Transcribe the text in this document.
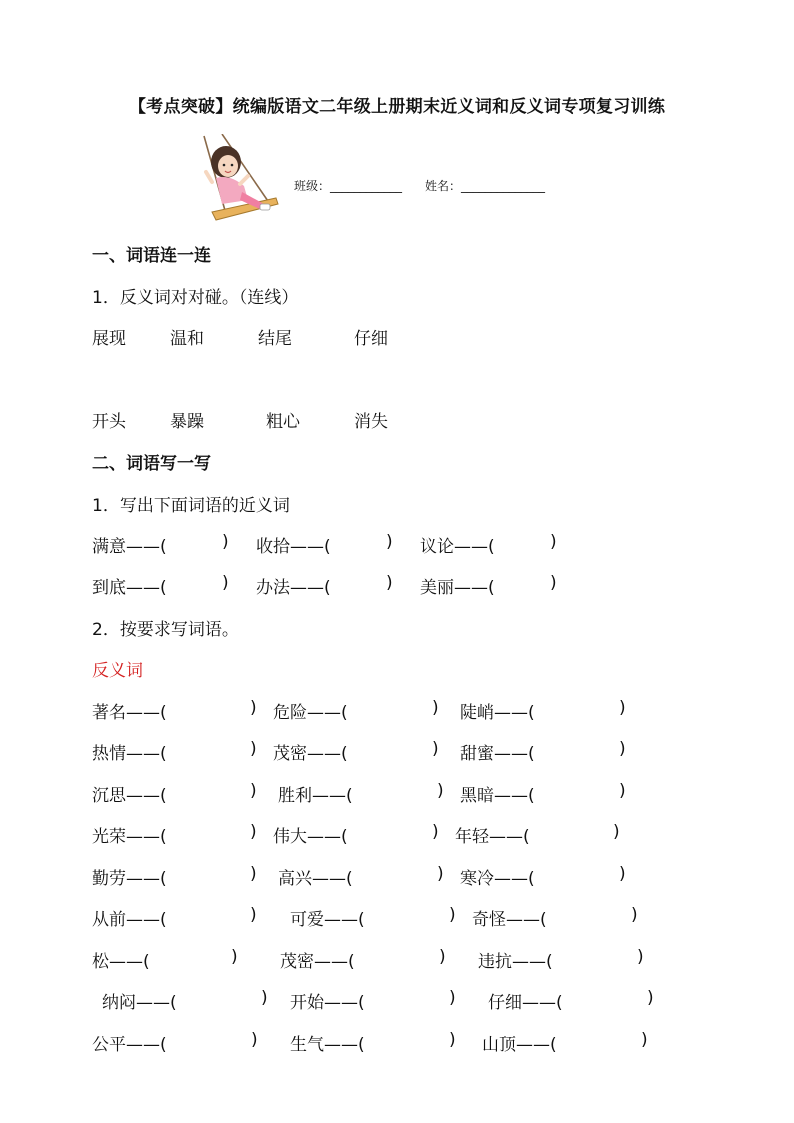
【考点突破】统编版语文二年级上册期末近义词和反义词专项复习训练
班级：____________ 姓名：______________
一、词语连一连
1．反义词对对碰。（连线）
展现	温和	结尾	仔细
开头	暴躁	粗心	消失
二、词语写一写
1．写出下面词语的近义词
满意——(	) 收拾——(	) 议论——(	)
到底——(	) 办法——(	) 美丽——(	)
2．按要求写词语。
反义词
著名——(	) 危险——(	) 陡峭——(	)
热情——(	) 茂密——(	) 甜蜜——(	)
沉思——(	) 胜利——(	) 黑暗——(	)
光荣——(	) 伟大——(	) 年轻——(	)
勤劳——(	) 高兴——(	) 寒冷——(	)
从前——(	) 可爱——(	) 奇怪——(	)
松——(	) 茂密——(	) 违抗——(	)
纳闷——(	) 开始——(	) 仔细——(	)
公平——(	) 生气——(	) 山顶——(	)
